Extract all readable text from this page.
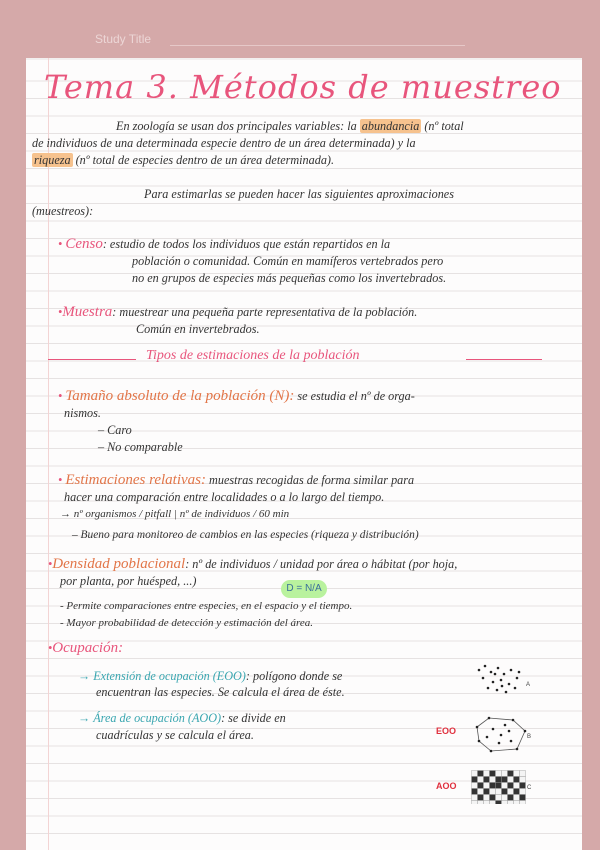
Study Title
Tema 3. Métodos de muestreo
En zoología se usan dos principales variables: la abundancia (nº total
de individuos de una determinada especie dentro de un área determinada) y la
riqueza (nº total de especies dentro de un área determinada).
Para estimarlas se pueden hacer las siguientes aproximaciones
(muestreos):
• Censo: estudio de todos los individuos que están repartidos en la
población o comunidad. Común en mamíferos vertebrados pero
no en grupos de especies más pequeñas como los invertebrados.
•Muestra: muestrear una pequeña parte representativa de la población.
Común en invertebrados.
Tipos de estimaciones de la población
• Tamaño absoluto de la población (N): se estudia el nº de orga-
nismos.
– Caro
– No comparable
• Estimaciones relativas: muestras recogidas de forma similar para
hacer una comparación entre localidades o a lo largo del tiempo.
→ nº organismos / pitfall | nº de individuos / 60 min
– Bueno para monitoreo de cambios en las especies (riqueza y distribución)
•Densidad poblacional: nº de individuos / unidad por área o hábitat (por hoja,
por planta, por huésped, ...)
D = N/A
- Permite comparaciones entre especies, en el espacio y el tiempo.
- Mayor probabilidad de detección y estimación del área.
•Ocupación:
→ Extensión de ocupación (EOO): polígono donde se
encuentran las especies. Se calcula el área de éste.
→ Área de ocupación (AOO): se divide en
cuadrículas y se calcula el área.
A
EOO
B
AOO	C
